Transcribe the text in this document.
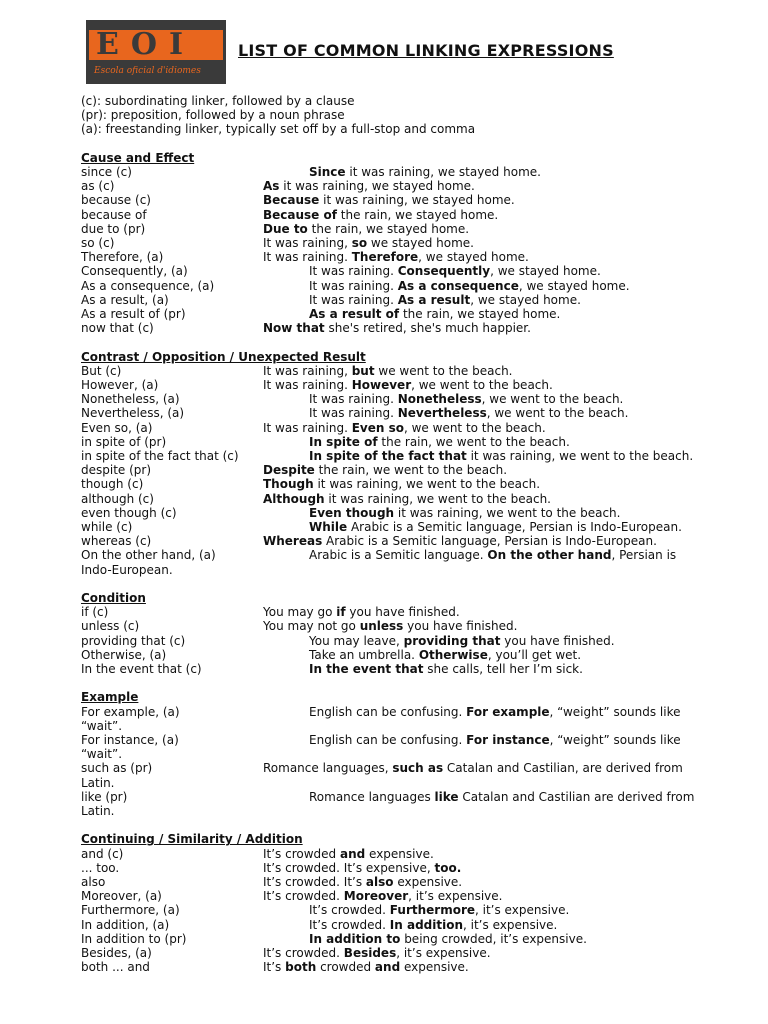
EOI
Escola oficial d'idiomes
LIST OF COMMON LINKING EXPRESSIONS
(c): subordinating linker, followed by a clause
(pr): preposition, followed by a noun phrase
(a): freestanding linker, typically set off by a full-stop and comma
Cause and Effect
since (c)	Since it was raining, we stayed home.
as (c)	As it was raining, we stayed home.
because (c)	Because it was raining, we stayed home.
because of	Because of the rain, we stayed home.
due to (pr)	Due to the rain, we stayed home.
so (c)	It was raining, so we stayed home.
Therefore, (a)	It was raining. Therefore, we stayed home.
Consequently, (a)	It was raining. Consequently, we stayed home.
As a consequence, (a)	It was raining. As a consequence, we stayed home.
As a result, (a)	It was raining. As a result, we stayed home.
As a result of (pr)	As a result of the rain, we stayed home.
now that (c)	Now that she's retired, she's much happier.
Contrast / Opposition / Unexpected Result
But (c)	It was raining, but we went to the beach.
However, (a)	It was raining. However, we went to the beach.
Nonetheless, (a)	It was raining. Nonetheless, we went to the beach.
Nevertheless, (a)	It was raining. Nevertheless, we went to the beach.
Even so, (a)	It was raining. Even so, we went to the beach.
in spite of (pr)	In spite of the rain, we went to the beach.
in spite of the fact that (c)	In spite of the fact that it was raining, we went to the beach.
despite (pr)	Despite the rain, we went to the beach.
though (c)	Though it was raining, we went to the beach.
although (c)	Although it was raining, we went to the beach.
even though (c)	Even though it was raining, we went to the beach.
while (c)	While Arabic is a Semitic language, Persian is Indo-European.
whereas (c)	Whereas Arabic is a Semitic language, Persian is Indo-European.
On the other hand, (a)	Arabic is a Semitic language. On the other hand, Persian is
Indo-European.
Condition
if (c)	You may go if you have finished.
unless (c)	You may not go unless you have finished.
providing that (c)	You may leave, providing that you have finished.
Otherwise, (a)	Take an umbrella. Otherwise, you’ll get wet.
In the event that (c)	In the event that she calls, tell her I’m sick.
Example
For example, (a)	English can be confusing. For example, “weight” sounds like
“wait”.
For instance, (a)	English can be confusing. For instance, “weight” sounds like
“wait”.
such as (pr)	Romance languages, such as Catalan and Castilian, are derived from
Latin.
like (pr)	Romance languages like Catalan and Castilian are derived from
Latin.
Continuing / Similarity / Addition
and (c)	It’s crowded and expensive.
... too.	It’s crowded. It’s expensive, too.
also	It’s crowded. It’s also expensive.
Moreover, (a)	It’s crowded. Moreover, it’s expensive.
Furthermore, (a)	It’s crowded. Furthermore, it’s expensive.
In addition, (a)	It’s crowded. In addition, it’s expensive.
In addition to (pr)	In addition to being crowded, it’s expensive.
Besides, (a)	It’s crowded. Besides, it’s expensive.
both ... and	It’s both crowded and expensive.
